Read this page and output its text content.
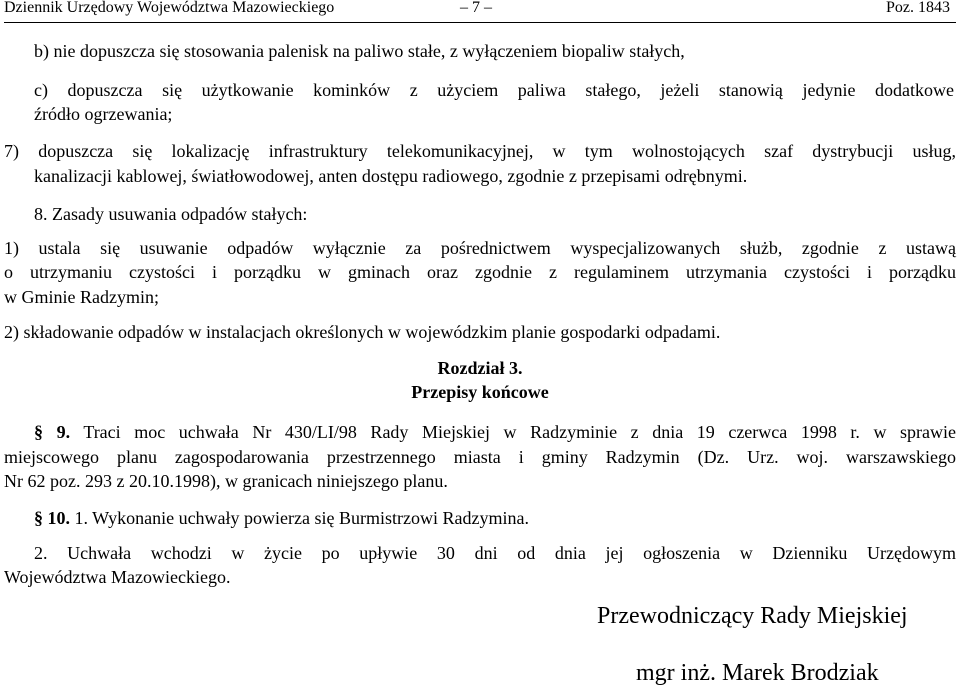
Dziennik Urzędowy Województwa Mazowieckiego	– 7 –	Poz. 1843
b) nie dopuszcza się stosowania palenisk na paliwo stałe, z wyłączeniem biopaliw stałych,
c) dopuszcza się użytkowanie kominków z użyciem paliwa stałego, jeżeli stanowią jedynie dodatkowe
źródło ogrzewania;
7) dopuszcza się lokalizację infrastruktury telekomunikacyjnej, w tym wolnostojących szaf dystrybucji usług,
kanalizacji kablowej, światłowodowej, anten dostępu radiowego, zgodnie z przepisami odrębnymi.
8. Zasady usuwania odpadów stałych:
1) ustala się usuwanie odpadów wyłącznie za pośrednictwem wyspecjalizowanych służb, zgodnie z ustawą
o utrzymaniu czystości i porządku w gminach oraz zgodnie z regulaminem utrzymania czystości i porządku
w Gminie Radzymin;
2) składowanie odpadów w instalacjach określonych w wojewódzkim planie gospodarki odpadami.
Rozdział 3.
Przepisy końcowe
§ 9. Traci moc uchwała Nr 430/LI/98 Rady Miejskiej w Radzyminie z dnia 19 czerwca 1998 r. w sprawie
miejscowego planu zagospodarowania przestrzennego miasta i gminy Radzymin (Dz. Urz. woj. warszawskiego
Nr 62 poz. 293 z 20.10.1998), w granicach niniejszego planu.
§ 10. 1. Wykonanie uchwały powierza się Burmistrzowi Radzymina.
2. Uchwała wchodzi w życie po upływie 30 dni od dnia jej ogłoszenia w Dzienniku Urzędowym
Województwa Mazowieckiego.
Przewodniczący Rady Miejskiej
mgr inż. Marek Brodziak
